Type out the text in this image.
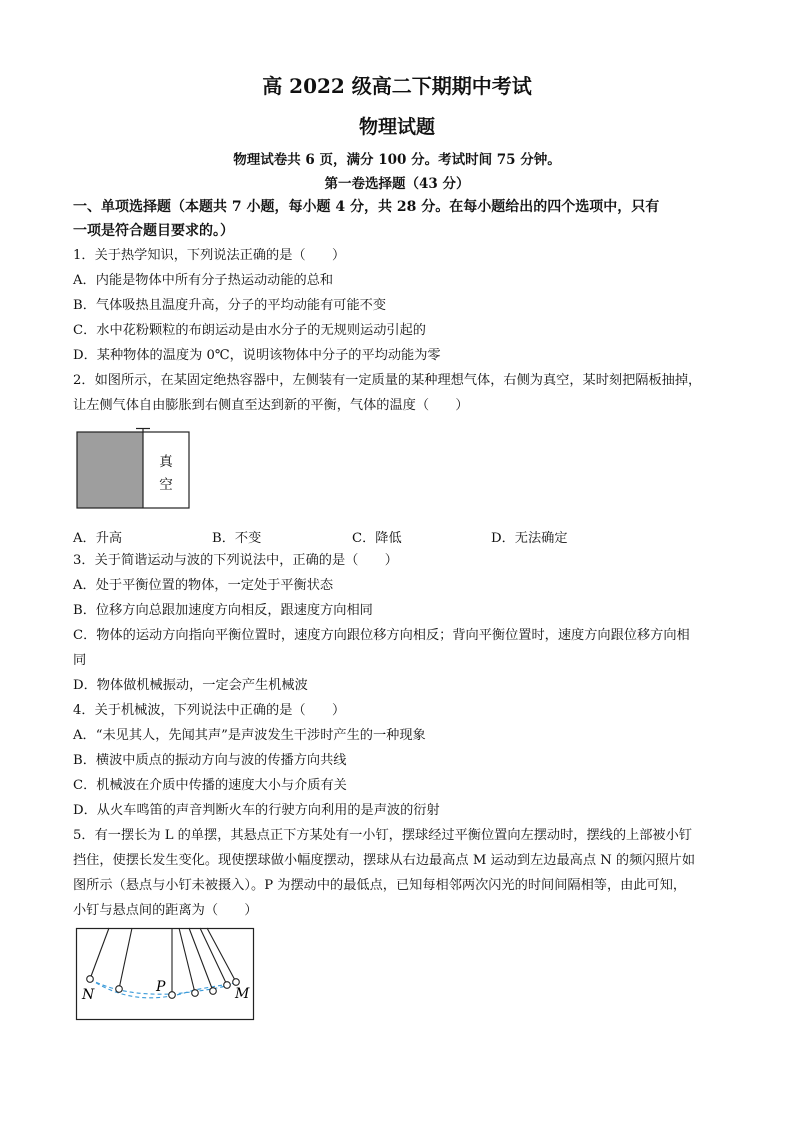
高 2022 级高二下期期中考试
物理试题
物理试卷共 6 页，满分 100 分。考试时间 75 分钟。
第一卷选择题（43 分）
一、单项选择题（本题共 7 小题，每小题 4 分，共 28 分。在每小题给出的四个选项中，只有
一项是符合题目要求的。）
1．关于热学知识，下列说法正确的是（　　）
A．内能是物体中所有分子热运动动能的总和
B．气体吸热且温度升高，分子的平均动能有可能不变
C．水中花粉颗粒的布朗运动是由水分子的无规则运动引起的
D．某种物体的温度为 0℃，说明该物体中分子的平均动能为零
2．如图所示，在某固定绝热容器中，左侧装有一定质量的某种理想气体，右侧为真空，某时刻把隔板抽掉，
让左侧气体自由膨胀到右侧直至达到新的平衡，气体的温度（　　）
真
空
A．升高	B．不变	C．降低	D．无法确定
3．关于简谐运动与波的下列说法中，正确的是（　　）
A．处于平衡位置的物体，一定处于平衡状态
B．位移方向总跟加速度方向相反，跟速度方向相同
C．物体的运动方向指向平衡位置时，速度方向跟位移方向相反；背向平衡位置时，速度方向跟位移方向相
同
D．物体做机械振动，一定会产生机械波
4．关于机械波，下列说法中正确的是（　　）
A．“未见其人，先闻其声”是声波发生干涉时产生的一种现象
B．横波中质点的振动方向与波的传播方向共线
C．机械波在介质中传播的速度大小与介质有关
D．从火车鸣笛的声音判断火车的行驶方向利用的是声波的衍射
5．有一摆长为 L 的单摆，其悬点正下方某处有一小钉，摆球经过平衡位置向左摆动时，摆线的上部被小钉
挡住，使摆长发生变化。现使摆球做小幅度摆动，摆球从右边最高点 M 运动到左边最高点 N 的频闪照片如
图所示（悬点与小钉未被摄入）。P 为摆动中的最低点，已知每相邻两次闪光的时间间隔相等，由此可知，
小钉与悬点间的距离为（　　）
N	P	M
